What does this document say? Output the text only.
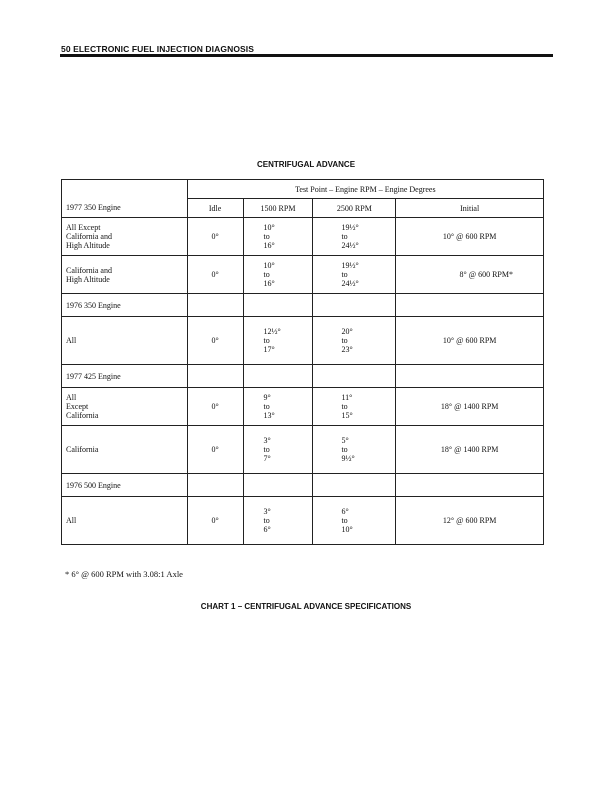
50 ELECTRONIC FUEL INJECTION DIAGNOSIS
CENTRIFUGAL ADVANCE
	Test Point – Engine RPM – Engine Degrees			
1977 350 Engine	Idle	1500 RPM	2500 RPM	Initial

All Except
California and
High Altitude	0°	10°
to
16°	19½°
to
24½°	10° @ 600 RPM

California and
High Altitude	0°	10°
to
16°	19½°
to
24½°	8° @ 600 RPM*
1976 350 Engine				

All	0°	12½°
to
17°	20°
to
23°	10° @ 600 RPM
1977 425 Engine				

All
Except
California	0°	9°
to
13°	11°
to
15°	18° @ 1400 RPM

California	0°	3°
to
7°	5°
to
9½°	18° @ 1400 RPM
1976 500 Engine				

All	0°	3°
to
6°	6°
to
10°	12° @ 600 RPM
* 6° @ 600 RPM with 3.08:1 Axle
CHART 1 – CENTRIFUGAL ADVANCE SPECIFICATIONS
